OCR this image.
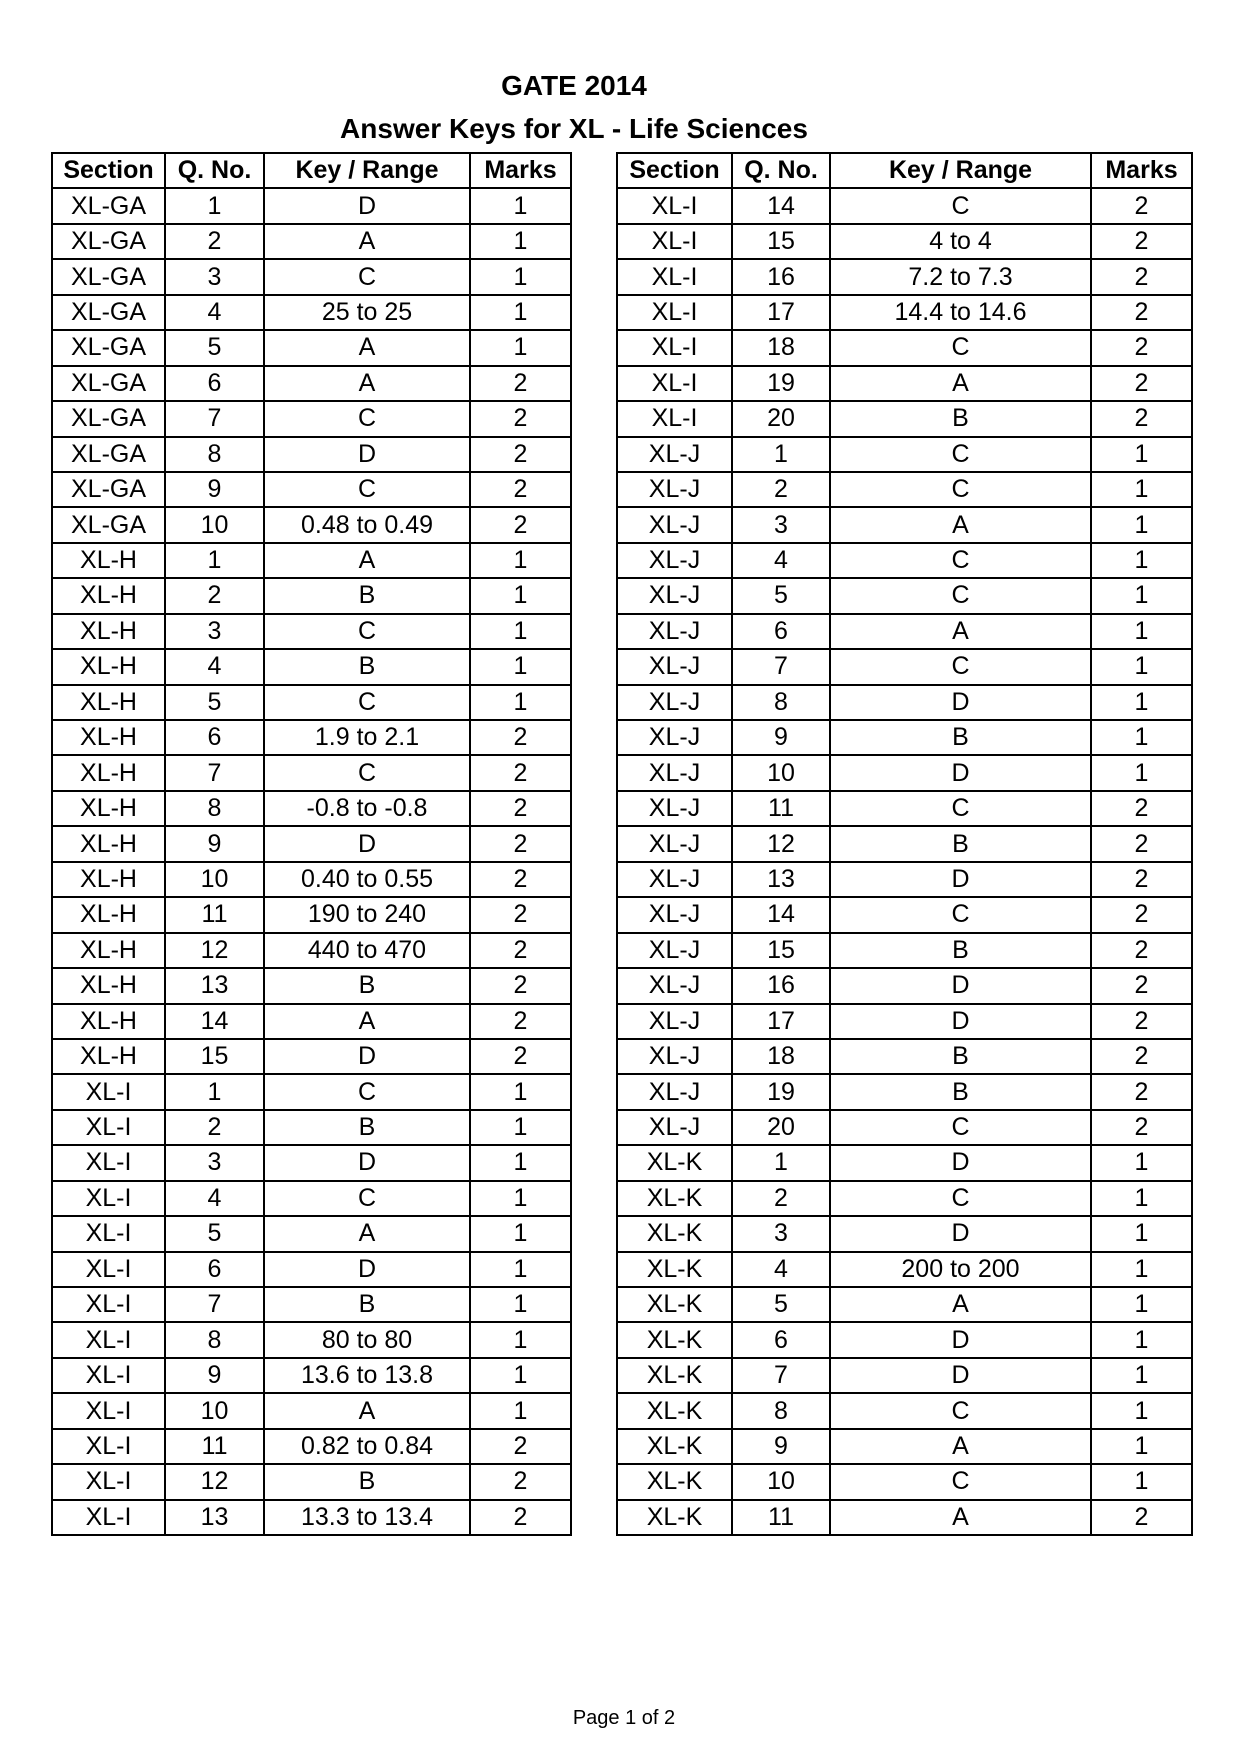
GATE 2014
Answer Keys for XL - Life Sciences
Section	Q. No.	Key / Range	Marks
XL-GA	1	D	1
XL-GA	2	A	1
XL-GA	3	C	1
XL-GA	4	25 to 25	1
XL-GA	5	A	1
XL-GA	6	A	2
XL-GA	7	C	2
XL-GA	8	D	2
XL-GA	9	C	2
XL-GA	10	0.48 to 0.49	2
XL-H	1	A	1
XL-H	2	B	1
XL-H	3	C	1
XL-H	4	B	1
XL-H	5	C	1
XL-H	6	1.9 to 2.1	2
XL-H	7	C	2
XL-H	8	-0.8 to -0.8	2
XL-H	9	D	2
XL-H	10	0.40 to 0.55	2
XL-H	11	190 to 240	2
XL-H	12	440 to 470	2
XL-H	13	B	2
XL-H	14	A	2
XL-H	15	D	2
XL-I	1	C	1
XL-I	2	B	1
XL-I	3	D	1
XL-I	4	C	1
XL-I	5	A	1
XL-I	6	D	1
XL-I	7	B	1
XL-I	8	80 to 80	1
XL-I	9	13.6 to 13.8	1
XL-I	10	A	1
XL-I	11	0.82 to 0.84	2
XL-I	12	B	2
XL-I	13	13.3 to 13.4	2
Section	Q. No.	Key / Range	Marks
XL-I	14	C	2
XL-I	15	4 to 4	2
XL-I	16	7.2 to 7.3	2
XL-I	17	14.4 to 14.6	2
XL-I	18	C	2
XL-I	19	A	2
XL-I	20	B	2
XL-J	1	C	1
XL-J	2	C	1
XL-J	3	A	1
XL-J	4	C	1
XL-J	5	C	1
XL-J	6	A	1
XL-J	7	C	1
XL-J	8	D	1
XL-J	9	B	1
XL-J	10	D	1
XL-J	11	C	2
XL-J	12	B	2
XL-J	13	D	2
XL-J	14	C	2
XL-J	15	B	2
XL-J	16	D	2
XL-J	17	D	2
XL-J	18	B	2
XL-J	19	B	2
XL-J	20	C	2
XL-K	1	D	1
XL-K	2	C	1
XL-K	3	D	1
XL-K	4	200 to 200	1
XL-K	5	A	1
XL-K	6	D	1
XL-K	7	D	1
XL-K	8	C	1
XL-K	9	A	1
XL-K	10	C	1
XL-K	11	A	2
Page 1 of 2
